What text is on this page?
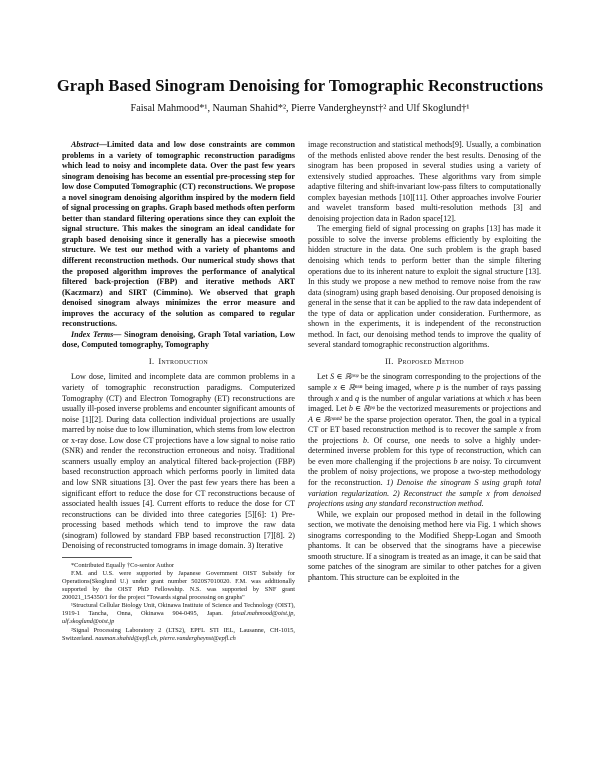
Graph Based Sinogram Denoising for Tomographic Reconstructions
Faisal Mahmood*¹, Nauman Shahid*², Pierre Vandergheynst†² and Ulf Skoglund†¹

Abstract—Limited data and low dose constraints are common problems in a variety of tomographic reconstruction paradigms which lead to noisy and incomplete data. Over the past few years sinogram denoising has become an essential pre-processing step for low dose Computed Tomographic (CT) reconstructions. We propose a novel sinogram denoising algorithm inspired by the modern field of signal processing on graphs. Graph based methods often perform better than standard filtering operations since they can exploit the signal structure. This makes the sinogram an ideal candidate for graph based denoising since it generally has a piecewise smooth structure. We test our method with a variety of phantoms and different reconstruction methods. Our numerical study shows that the proposed algorithm improves the performance of analytical filtered back-projection (FBP) and iterative methods ART (Kaczmarz) and SIRT (Cimmino). We observed that graph denoised sinogram always minimizes the error measure and improves the accuracy of the solution as compared to regular reconstructions.

Index Terms— Sinogram denoising, Graph Total variation, Low dose, Computed tomography, Tomography

I. Introduction

Low dose, limited and incomplete data are common problems in a variety of tomographic reconstruction paradigms. Computerized Tomography (CT) and Electron Tomography (ET) reconstructions are usually ill-posed inverse problems and encounter significant amounts of noise [1][2]. During data collection individual projections are usually marred by noise due to low illumination, which stems from low electron or x-ray dose. Low dose CT projections have a low signal to noise ratio (SNR) and render the reconstruction erroneous and noisy. Traditional scanners usually employ an analytical filtered back-projection (FBP) based reconstruction approach which performs poorly in limited data and low SNR situations [3]. Over the past few years there has been a significant effort to reduce the dose for CT reconstructions because of associated health issues [4]. Current efforts to reduce the dose for CT reconstructions can be divided into three categories [5][6]: 1) Pre-processing based methods which tend to improve the raw data (sinogram) followed by standard FBP based reconstruction [7][8]. 2) Denoising of reconstructed tomograms in image domain. 3) Iterative

*Contributed Equally †Co-senior Author

F.M. and U.S. were supported by Japanese Government OIST Subsidy for Operations(Skoglund U.) under grant number 5020S7010020. F.M. was additionally supported by the OIST PhD Fellowship. N.S. was supported by SNF grant 200021_154350/1 for the project "Towards signal processing on graphs"

¹Structural Cellular Biology Unit, Okinawa Institute of Science and Technology (OIST), 1919-1 Tancha, Onna, Okinawa 904-0495, Japan. faisal.mahmood@oist.jp, ulf.skoglund@oist.jp

²Signal Processing Laboratory 2 (LTS2), EPFL STI IEL, Lausanne, CH-1015, Switzerland. nauman.shahid@epfl.ch, pierre.vandergheynst@epfl.ch

image reconstruction and statistical methods[9]. Usually, a combination of the methods enlisted above render the best results. Denosing of the sinogram has been proposed in several studies using a variety of extensively studied approaches. These algorithms vary from simple adaptive filtering and shift-invariant low-pass filters to computationally complex bayesian methods [10][11]. Other approaches involve Fourier and wavelet transform based multi-resolution methods [3] and denoising projection data in Radon space[12].

The emerging field of signal processing on graphs [13] has made it possible to solve the inverse problems efficiently by exploiting the hidden structure in the data. One such problem is the graph based denoising which tends to perform better than the simple filtering operations due to its inherent nature to exploit the signal structure [13]. In this study we propose a new method to remove noise from the raw data (sinogram) using graph based denoising. Our proposed denoising is general in the sense that it can be applied to the raw data independent of the type of data or application under consideration. Furthermore, as shown in the experiments, it is independent of the reconstruction method. In fact, our denoising method tends to improve the quality of several standard tomographic reconstruction algorithms.

II. Proposed Method

Let S ∈ ℝᵖˣᵠ be the sinogram corresponding to the projections of the sample x ∈ ℝⁿˣⁿ being imaged, where p is the number of rays passing through x and q is the number of angular variations at which x has been imaged. Let b ∈ ℝᵖᵠ be the vectorized measurements or projections and A ∈ ℝᵖᵠˣⁿ² be the sparse projection operator. Then, the goal in a typical CT or ET based reconstruction method is to recover the sample x from the projections b. Of course, one needs to solve a highly under-determined inverse problem for this type of reconstruction, which can be even more challenging if the projections b are noisy. To circumvent the problem of noisy projections, we propose a two-step methodology for the reconstruction. 1) Denoise the sinogram S using graph total variation regularization. 2) Reconstruct the sample x from denoised projections using any standard reconstruction method.

While, we explain our proposed method in detail in the following section, we motivate the denoising method here via Fig. 1 which shows sinograms corresponding to the Modified Shepp-Logan and Smooth phantoms. It can be observed that the sinograms have a piecewise smooth structure. If a sinogram is treated as an image, it can be said that some patches of the sinogram are similar to other patches for a given phantom. This structure can be exploited in the
